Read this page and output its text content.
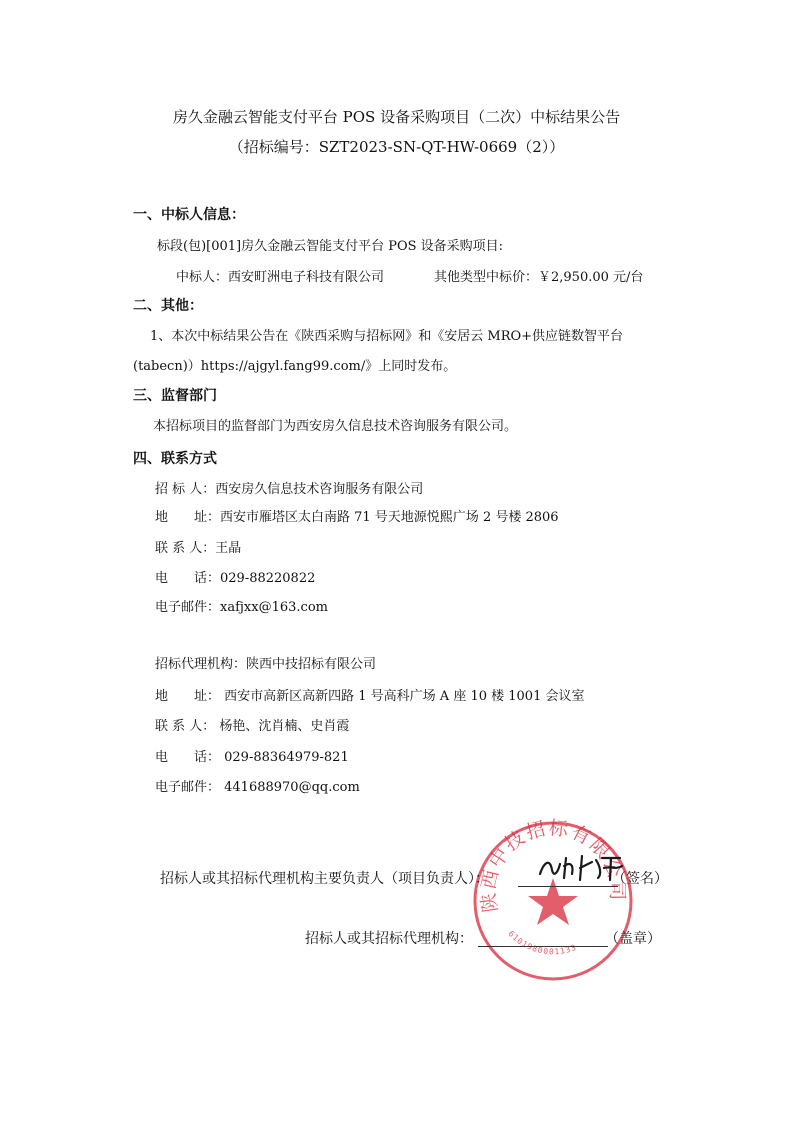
房久金融云智能支付平台 POS 设备采购项目（二次）中标结果公告
（招标编号：SZT2023-SN-QT-HW-0669（2））
一、中标人信息：
标段(包)[001]房久金融云智能支付平台 POS 设备采购项目:
中标人：西安町洲电子科技有限公司	其他类型中标价：￥2,950.00 元/台
二、其他：
1、本次中标结果公告在《陕西采购与招标网》和《安居云 MRO+供应链数智平台
(tabecn)）https://ajgyl.fang99.com/》上同时发布。
三、监督部门
本招标项目的监督部门为西安房久信息技术咨询服务有限公司。
四、联系方式
招 标 人：西安房久信息技术咨询服务有限公司
地　　址：西安市雁塔区太白南路 71 号天地源悦熙广场 2 号楼 2806
联 系 人：王晶
电　　话：029-88220822
电子邮件：xafjxx@163.com
招标代理机构：陕西中技招标有限公司
地　　址： 西安市高新区高新四路 1 号高科广场 A 座 10 楼 1001 会议室
联 系 人： 杨艳、沈肖楠、史肖霞
电　　话： 029-88364979-821
电子邮件： 441688970@qq.com
陕西中技招标有限公司
6101980001133
招标人或其招标代理机构主要负责人（项目负责人）：	（签名）
招标人或其招标代理机构：	（盖章）
